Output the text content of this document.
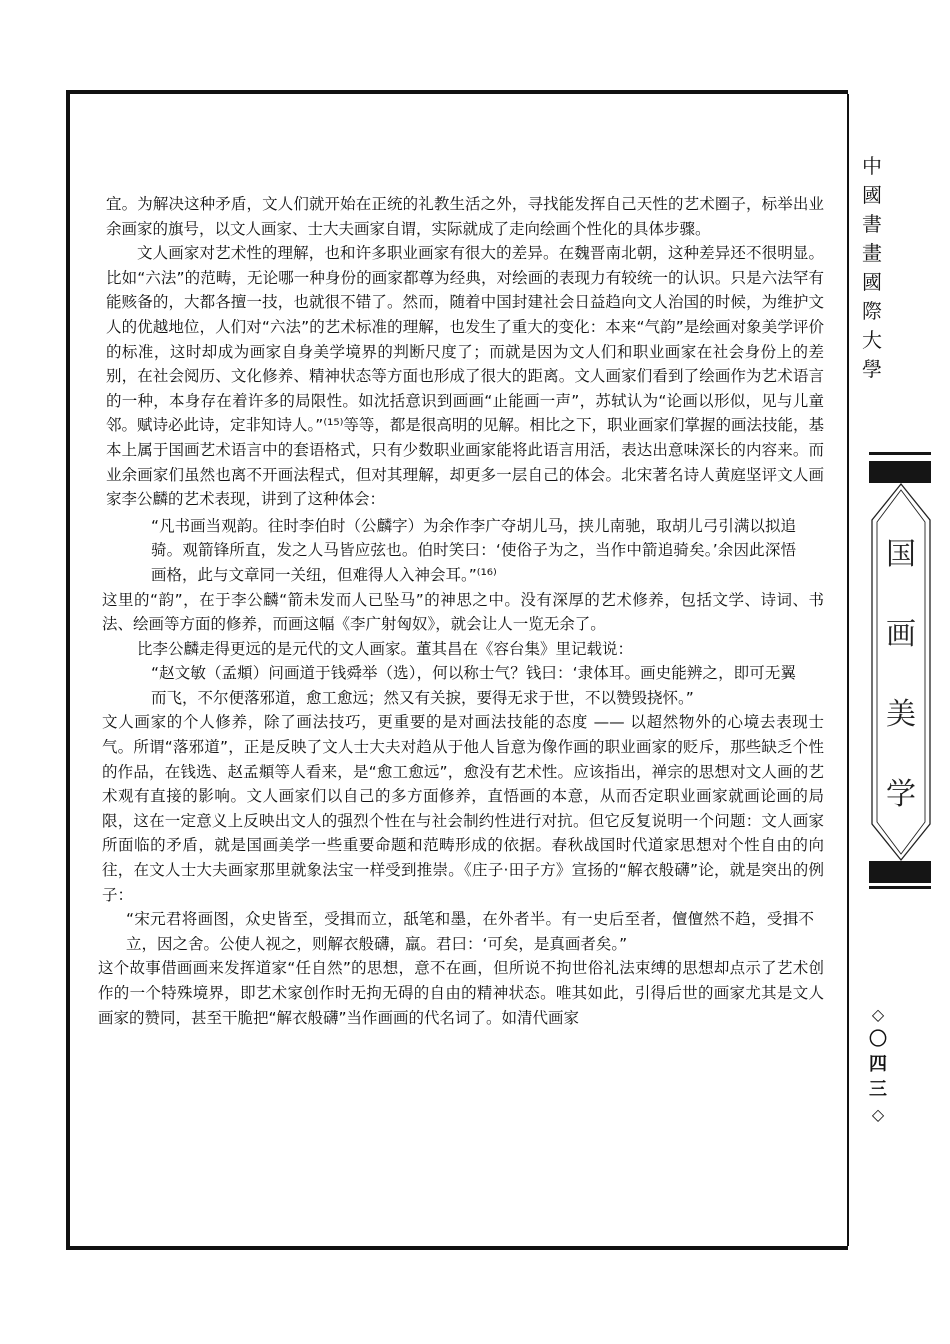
中
國
書
畫
國
際
大
學
国
画
美
学
◇
〇
四
三
◇

宜。为解决这种矛盾，文人们就开始在正统的礼教生活之外，寻找能发挥自己天性的艺术圈子，标举出业余画家的旗号，以文人画家、士大夫画家自谓，实际就成了走向绘画个性化的具体步骤。

文人画家对艺术性的理解，也和许多职业画家有很大的差异。在魏晋南北朝，这种差异还不很明显。比如“六法”的范畴，无论哪一种身份的画家都尊为经典，对绘画的表现力有较统一的认识。只是六法罕有能赅备的，大都各擅一技，也就很不错了。然而，随着中国封建社会日益趋向文人治国的时候，为维护文人的优越地位，人们对“六法”的艺术标准的理解，也发生了重大的变化：本来“气韵”是绘画对象美学评价的标准，这时却成为画家自身美学境界的判断尺度了；而就是因为文人们和职业画家在社会身份上的差别，在社会阅历、文化修养、精神状态等方面也形成了很大的距离。文人画家们看到了绘画作为艺术语言的一种，本身存在着许多的局限性。如沈括意识到画画“止能画一声”，苏轼认为“论画以形似，见与儿童邻。赋诗必此诗，定非知诗人。”⁽¹⁵⁾等等，都是很高明的见解。相比之下，职业画家们掌握的画法技能，基本上属于国画艺术语言中的套语格式，只有少数职业画家能将此语言用活，表达出意味深长的内容来。而业余画家们虽然也离不开画法程式，但对其理解，却更多一层自己的体会。北宋著名诗人黄庭坚评文人画家李公麟的艺术表现，讲到了这种体会：

“凡书画当观韵。往时李伯时（公麟字）为余作李广夺胡儿马，挟儿南驰，取胡儿弓引满以拟追骑。观箭锋所直，发之人马皆应弦也。伯时笑曰：‘使俗子为之，当作中箭追骑矣。’余因此深悟画格，此与文章同一关纽，但难得人入神会耳。”⁽¹⁶⁾

这里的“韵”，在于李公麟“箭未发而人已坠马”的神思之中。没有深厚的艺术修养，包括文学、诗词、书法、绘画等方面的修养，而画这幅《李广射匈奴》，就会让人一览无余了。

比李公麟走得更远的是元代的文人画家。董其昌在《容台集》里记载说：

“赵文敏（孟頫）问画道于钱舜举（选），何以称士气？钱曰：‘隶体耳。画史能辨之，即可无翼而飞，不尔便落邪道，愈工愈远；然又有关捩，要得无求于世，不以赞毁挠怀。”

文人画家的个人修养，除了画法技巧，更重要的是对画法技能的态度 —— 以超然物外的心境去表现士气。所谓“落邪道”，正是反映了文人士大夫对趋从于他人旨意为像作画的职业画家的贬斥，那些缺乏个性的作品，在钱选、赵孟頫等人看来，是“愈工愈远”，愈没有艺术性。应该指出，禅宗的思想对文人画的艺术观有直接的影响。文人画家们以自己的多方面修养，直悟画的本意，从而否定职业画家就画论画的局限，这在一定意义上反映出文人的强烈个性在与社会制约性进行对抗。但它反复说明一个问题：文人画家所面临的矛盾，就是国画美学一些重要命题和范畴形成的依据。春秋战国时代道家思想对个性自由的向往，在文人士大夫画家那里就象法宝一样受到推崇。《庄子·田子方》宣扬的“解衣般礴”论，就是突出的例子：

“宋元君将画图，众史皆至，受揖而立，舐笔和墨，在外者半。有一史后至者，儃儃然不趋，受揖不立，因之舍。公使人视之，则解衣般礴，羸。君曰：‘可矣，是真画者矣。”

这个故事借画画来发挥道家“任自然”的思想，意不在画，但所说不拘世俗礼法束缚的思想却点示了艺术创作的一个特殊境界，即艺术家创作时无拘无碍的自由的精神状态。唯其如此，引得后世的画家尤其是文人画家的赞同，甚至干脆把“解衣般礴”当作画画的代名词了。如清代画家
